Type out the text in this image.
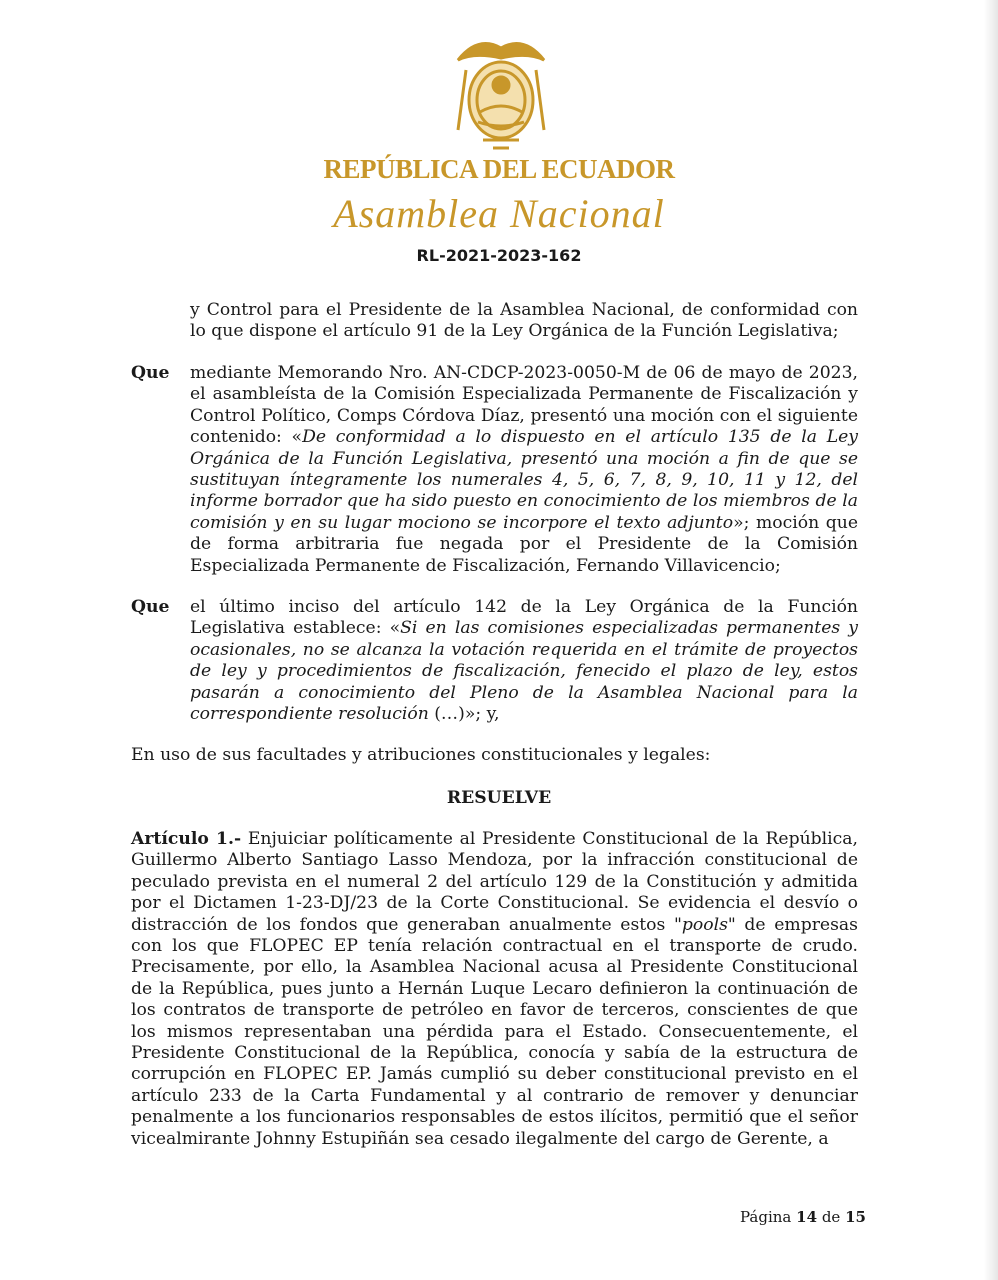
REPÚBLICA DEL ECUADOR
Asamblea Nacional
RL-2021-2023-162
y Control para el Presidente de la Asamblea Nacional, de conformidad con lo que dispone el artículo 91 de la Ley Orgánica de la Función Legislativa;
Que mediante Memorando Nro. AN-CDCP-2023-0050-M de 06 de mayo de 2023, el asambleísta de la Comisión Especializada Permanente de Fiscalización y Control Político, Comps Córdova Díaz, presentó una moción con el siguiente contenido: «De conformidad a lo dispuesto en el artículo 135 de la Ley Orgánica de la Función Legislativa, presentó una moción a fin de que se sustituyan íntegramente los numerales 4, 5, 6, 7, 8, 9, 10, 11 y 12, del informe borrador que ha sido puesto en conocimiento de los miembros de la comisión y en su lugar mociono se incorpore el texto adjunto»; moción que de forma arbitraria fue negada por el Presidente de la Comisión Especializada Permanente de Fiscalización, Fernando Villavicencio;
Que el último inciso del artículo 142 de la Ley Orgánica de la Función Legislativa establece: «Si en las comisiones especializadas permanentes y ocasionales, no se alcanza la votación requerida en el trámite de proyectos de ley y procedimientos de fiscalización, fenecido el plazo de ley, estos pasarán a conocimiento del Pleno de la Asamblea Nacional para la correspondiente resolución (…)»; y,
En uso de sus facultades y atribuciones constitucionales y legales:
RESUELVE
Artículo 1.- Enjuiciar políticamente al Presidente Constitucional de la República, Guillermo Alberto Santiago Lasso Mendoza, por la infracción constitucional de peculado prevista en el numeral 2 del artículo 129 de la Constitución y admitida por el Dictamen 1-23-DJ/23 de la Corte Constitucional. Se evidencia el desvío o distracción de los fondos que generaban anualmente estos "pools" de empresas con los que FLOPEC EP tenía relación contractual en el transporte de crudo. Precisamente, por ello, la Asamblea Nacional acusa al Presidente Constitucional de la República, pues junto a Hernán Luque Lecaro definieron la continuación de los contratos de transporte de petróleo en favor de terceros, conscientes de que los mismos representaban una pérdida para el Estado. Consecuentemente, el Presidente Constitucional de la República, conocía y sabía de la estructura de corrupción en FLOPEC EP. Jamás cumplió su deber constitucional previsto en el artículo 233 de la Carta Fundamental y al contrario de remover y denunciar penalmente a los funcionarios responsables de estos ilícitos, permitió que el señor vicealmirante Johnny Estupiñán sea cesado ilegalmente del cargo de Gerente, a
Página 14 de 15
